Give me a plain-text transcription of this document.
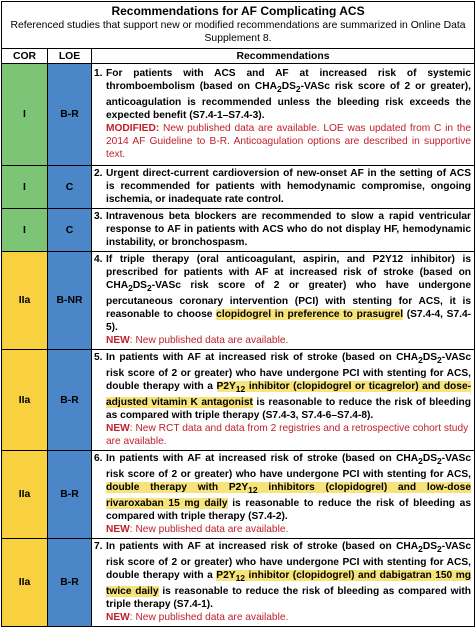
Recommendations for AF Complicating ACS
Referenced studies that support new or modified recommendations are summarized in Online Data Supplement 8.		

COR	LOE	Recommendations
I	B-R	1. For patients with ACS and AF at increased risk of systemic thromboembolism (based on $CHA_2DS_2$-VASc risk score of 2 or greater), anticoagulation is recommended unless the bleeding risk exceeds the expected benefit (S7.4-1–S7.4-3).
MODIFIED: New published data are available. LOE was updated from C in the 2014 AF Guideline to B-R. Anticoagulation options are described in supportive text.

I	C	2. Urgent direct-current cardioversion of new-onset AF in the setting of ACS is recommended for patients with hemodynamic compromise, ongoing ischemia, or inadequate rate control.

I	C	3. Intravenous beta blockers are recommended to slow a rapid ventricular response to AF in patients with ACS who do not display HF, hemodynamic instability, or bronchospasm.

IIa	B-NR	4. If triple therapy (oral anticoagulant, aspirin, and P2Y12 inhibitor) is prescribed for patients with AF at increased risk of stroke (based on $CHA_2DS_2$-VASc risk score of 2 or greater) who have undergone percutaneous coronary intervention (PCI) with stenting for ACS, it is reasonable to choose clopidogrel in preference to prasugrel (S7.4-4, S7.4-5).
NEW: New published data are available.

IIa	B-R	5. In patients with AF at increased risk of stroke (based on $CHA_2DS_2$-VASc risk score of 2 or greater) who have undergone PCI with stenting for ACS, double therapy with a $P2Y_{12}$ inhibitor (clopidogrel or ticagrelor) and dose-adjusted vitamin K antagonist is reasonable to reduce the risk of bleeding as compared with triple therapy (S7.4-3, S7.4-6–S7.4-8).
NEW: New RCT data and data from 2 registries and a retrospective cohort study are available.

IIa	B-R	6. In patients with AF at increased risk of stroke (based on $CHA_2DS_2$-VASc risk score of 2 or greater) who have undergone PCI with stenting for ACS, double therapy with $P2Y_{12}$ inhibitors (clopidogrel) and low-dose rivaroxaban 15 mg daily is reasonable to reduce the risk of bleeding as compared with triple therapy (S7.4-2).
NEW: New published data are available.

IIa	B-R	7. In patients with AF at increased risk of stroke (based on $CHA_2DS_2$-VASc risk score of 2 or greater) who have undergone PCI with stenting for ACS, double therapy with a $P2Y_{12}$ inhibitor (clopidogrel) and dabigatran 150 mg twice daily is reasonable to reduce the risk of bleeding as compared with triple therapy (S7.4-1).
NEW: New published data are available.
